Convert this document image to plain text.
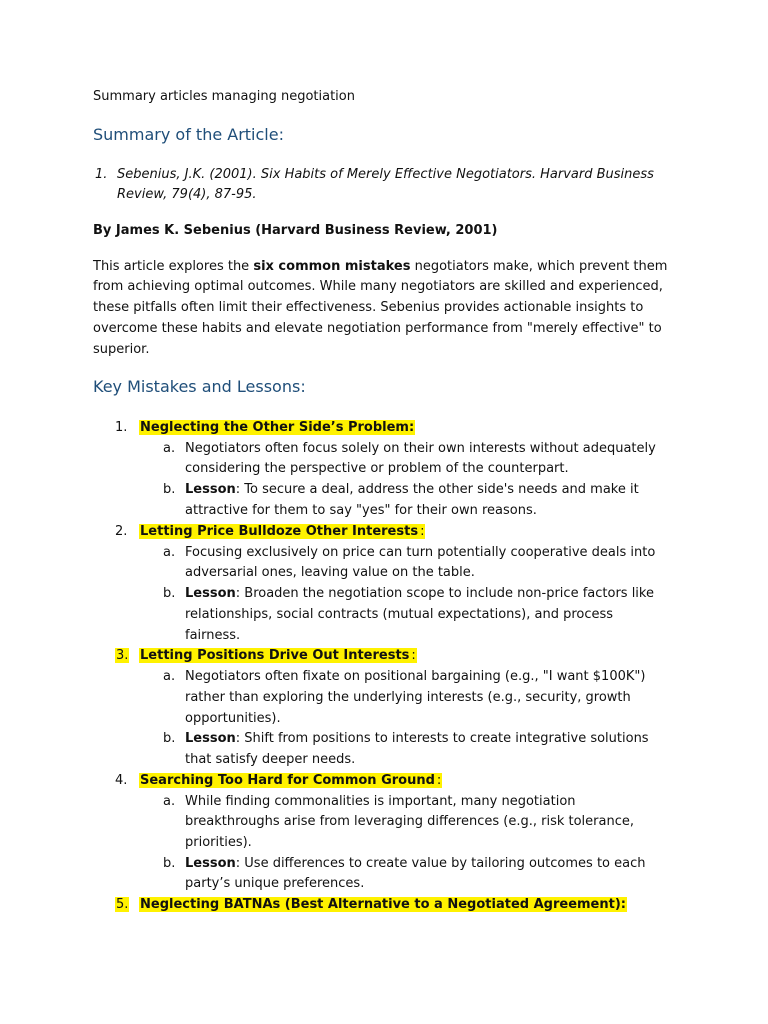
Summary articles managing negotiation
Summary of the Article:
1. Sebenius, J.K. (2001). Six Habits of Merely Effective Negotiators. Harvard Business
Review, 79(4), 87-95.
By James K. Sebenius (Harvard Business Review, 2001)
This article explores the six common mistakes negotiators make, which prevent them
from achieving optimal outcomes. While many negotiators are skilled and experienced,
these pitfalls often limit their effectiveness. Sebenius provides actionable insights to
overcome these habits and elevate negotiation performance from "merely effective" to
superior.
Key Mistakes and Lessons:
1. Neglecting the Other Side’s Problem:
a. Negotiators often focus solely on their own interests without adequately
considering the perspective or problem of the counterpart.
b. Lesson: To secure a deal, address the other side's needs and make it
attractive for them to say "yes" for their own reasons.
2. Letting Price Bulldoze Other Interests :
a. Focusing exclusively on price can turn potentially cooperative deals into
adversarial ones, leaving value on the table.
b. Lesson: Broaden the negotiation scope to include non-price factors like
relationships, social contracts (mutual expectations), and process
fairness.
3. Letting Positions Drive Out Interests :
a. Negotiators often fixate on positional bargaining (e.g., "I want $100K")
rather than exploring the underlying interests (e.g., security, growth
opportunities).
b. Lesson: Shift from positions to interests to create integrative solutions
that satisfy deeper needs.
4. Searching Too Hard for Common Ground :
a. While finding commonalities is important, many negotiation
breakthroughs arise from leveraging differences (e.g., risk tolerance,
priorities).
b. Lesson: Use differences to create value by tailoring outcomes to each
party’s unique preferences.
5. Neglecting BATNAs (Best Alternative to a Negotiated Agreement):
